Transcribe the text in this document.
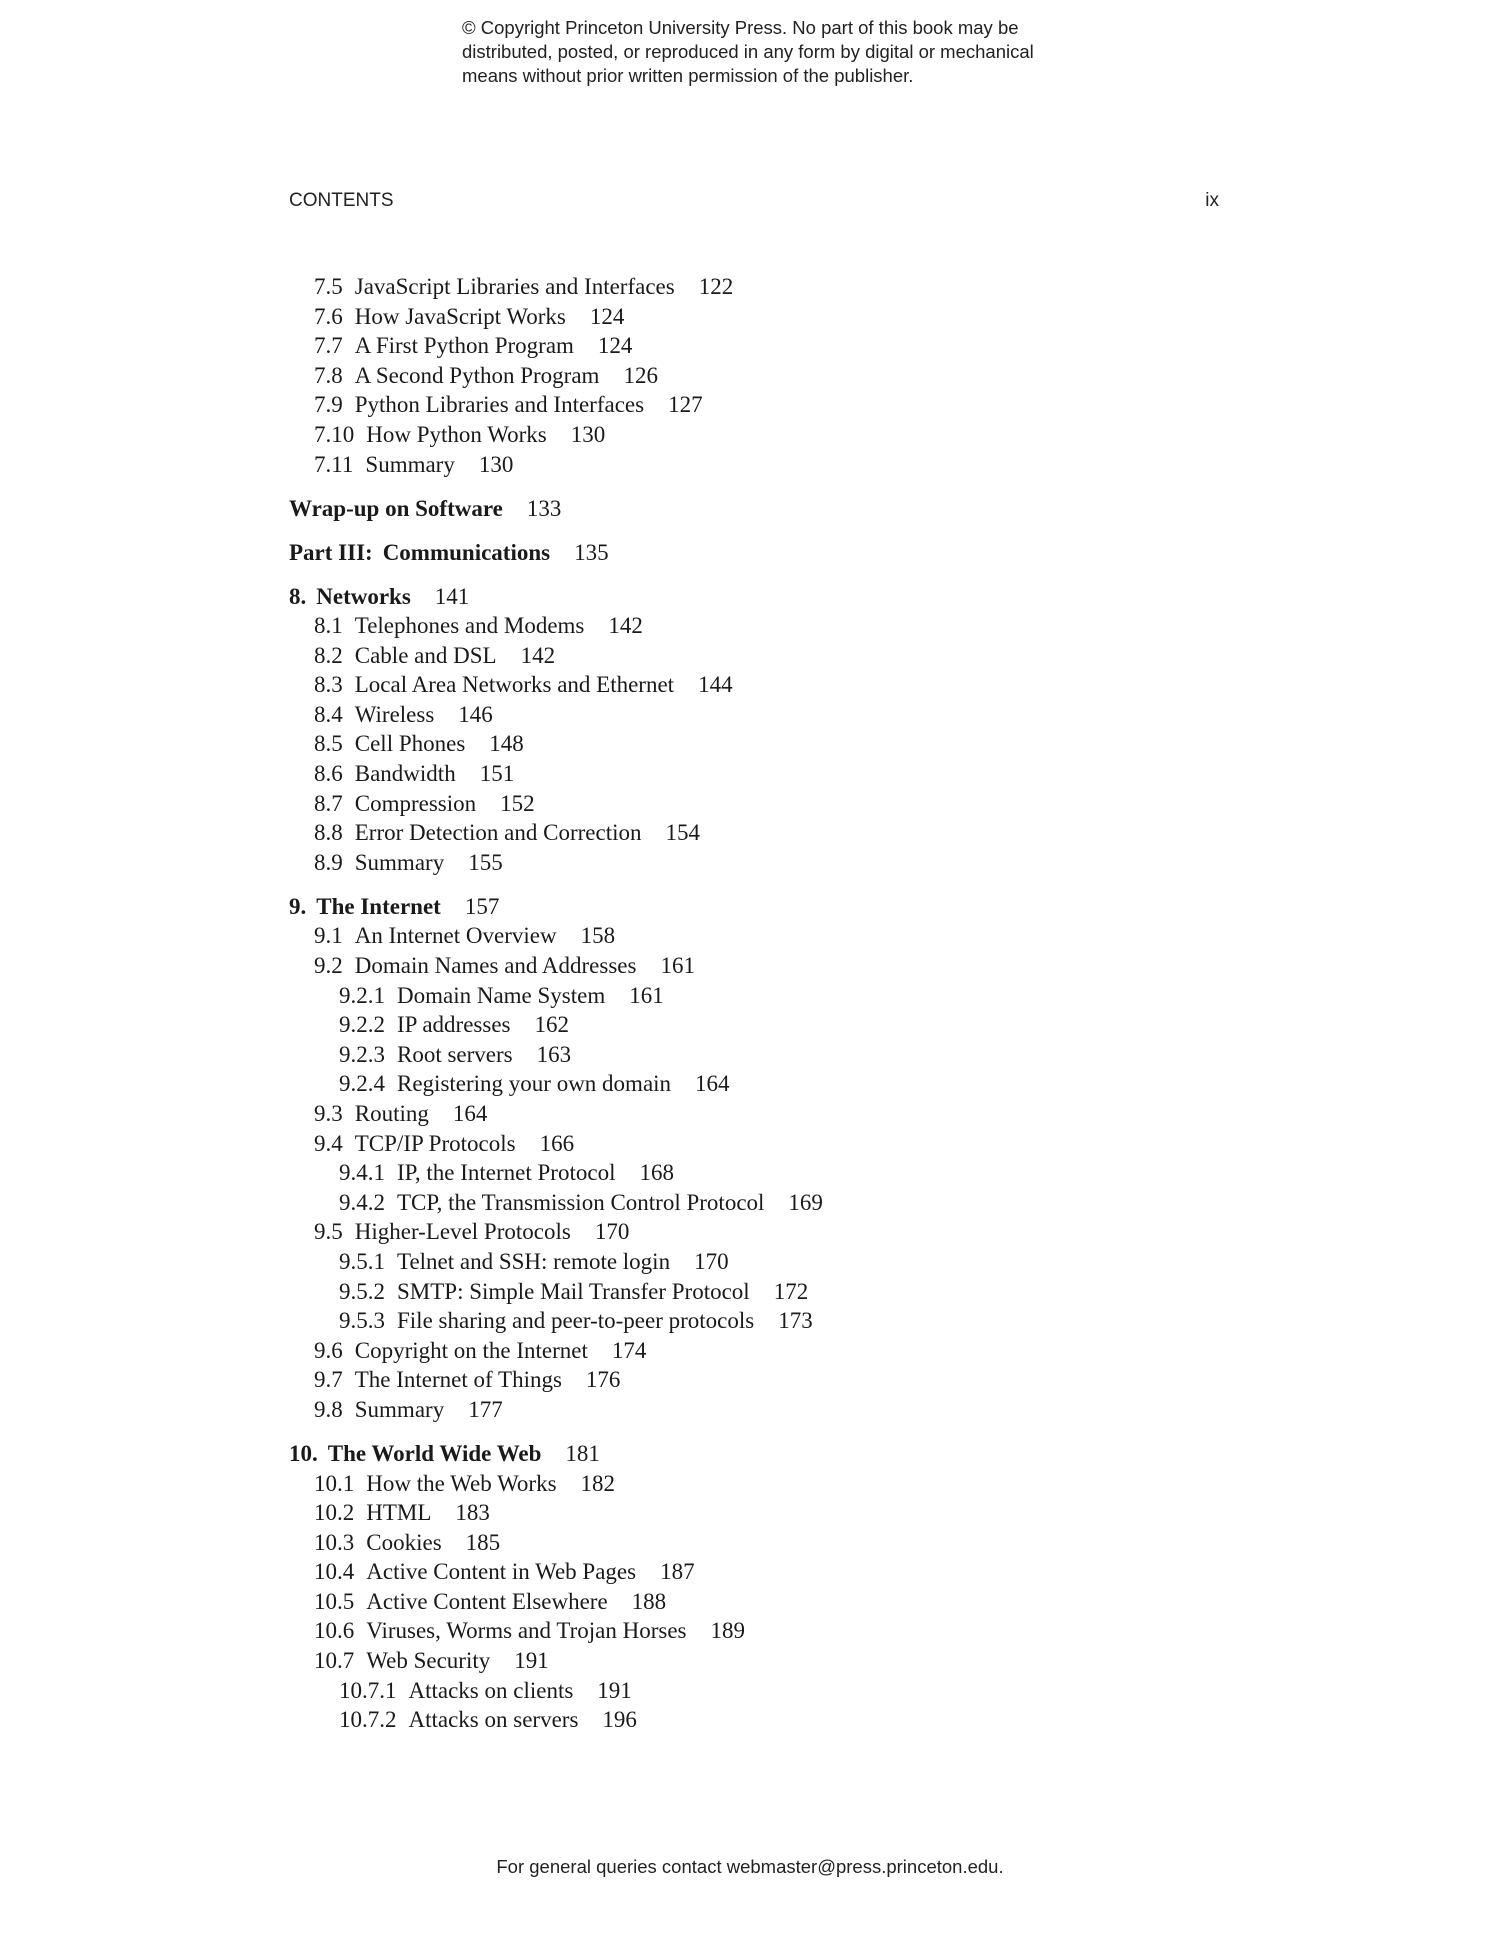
© Copyright Princeton University Press. No part of this book may be
distributed, posted, or reproduced in any form by digital or mechanical
means without prior written permission of the publisher.
CONTENTS	ix
7.5 JavaScript Libraries and Interfaces 122
7.6 How JavaScript Works 124
7.7 A First Python Program 124
7.8 A Second Python Program 126
7.9 Python Libraries and Interfaces 127
7.10 How Python Works 130
7.11 Summary 130
Wrap-up on Software 133
Part III: Communications 135
8. Networks 141
8.1 Telephones and Modems 142
8.2 Cable and DSL 142
8.3 Local Area Networks and Ethernet 144
8.4 Wireless 146
8.5 Cell Phones 148
8.6 Bandwidth 151
8.7 Compression 152
8.8 Error Detection and Correction 154
8.9 Summary 155
9. The Internet 157
9.1 An Internet Overview 158
9.2 Domain Names and Addresses 161
9.2.1 Domain Name System 161
9.2.2 IP addresses 162
9.2.3 Root servers 163
9.2.4 Registering your own domain 164
9.3 Routing 164
9.4 TCP/IP Protocols 166
9.4.1 IP, the Internet Protocol 168
9.4.2 TCP, the Transmission Control Protocol 169
9.5 Higher-Level Protocols 170
9.5.1 Telnet and SSH: remote login 170
9.5.2 SMTP: Simple Mail Transfer Protocol 172
9.5.3 File sharing and peer-to-peer protocols 173
9.6 Copyright on the Internet 174
9.7 The Internet of Things 176
9.8 Summary 177
10. The World Wide Web 181
10.1 How the Web Works 182
10.2 HTML 183
10.3 Cookies 185
10.4 Active Content in Web Pages 187
10.5 Active Content Elsewhere 188
10.6 Viruses, Worms and Trojan Horses 189
10.7 Web Security 191
10.7.1 Attacks on clients 191
10.7.2 Attacks on servers 196
For general queries contact webmaster@press.princeton.edu.
